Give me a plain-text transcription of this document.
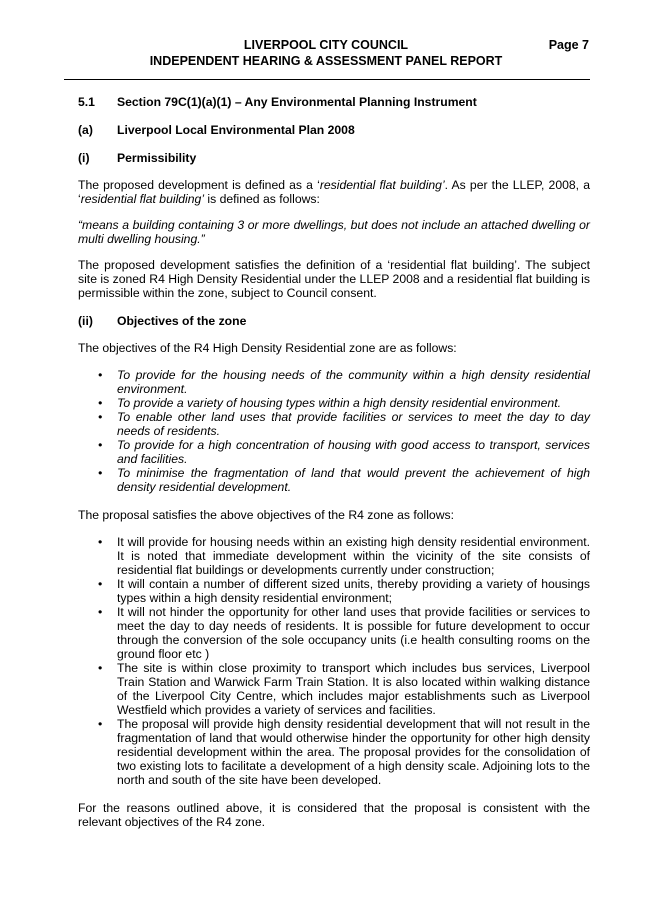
LIVERPOOL CITY COUNCIL
INDEPENDENT HEARING & ASSESSMENT PANEL REPORT
Page 7
5.1	Section 79C(1)(a)(1) – Any Environmental Planning Instrument
(a)	Liverpool Local Environmental Plan 2008
(i)	Permissibility

The proposed development is defined as a ‘residential flat building’. As per the LLEP, 2008, a ‘residential flat building’ is defined as follows:

“means a building containing 3 or more dwellings, but does not include an attached dwelling or multi dwelling housing.”

The proposed development satisfies the definition of a ‘residential flat building’. The subject site is zoned R4 High Density Residential under the LLEP 2008 and a residential flat building is permissible within the zone, subject to Council consent.

(ii)	Objectives of the zone

The objectives of the R4 High Density Residential zone are as follows:

• To provide for the housing needs of the community within a high density residential environment.
• To provide a variety of housing types within a high density residential environment.
• To enable other land uses that provide facilities or services to meet the day to day needs of residents.
• To provide for a high concentration of housing with good access to transport, services and facilities.
• To minimise the fragmentation of land that would prevent the achievement of high density residential development.

The proposal satisfies the above objectives of the R4 zone as follows:

• It will provide for housing needs within an existing high density residential environment. It is noted that immediate development within the vicinity of the site consists of residential flat buildings or developments currently under construction;
• It will contain a number of different sized units, thereby providing a variety of housings types within a high density residential environment;
• It will not hinder the opportunity for other land uses that provide facilities or services to meet the day to day needs of residents. It is possible for future development to occur through the conversion of the sole occupancy units (i.e health consulting rooms on the ground floor etc )
• The site is within close proximity to transport which includes bus services, Liverpool Train Station and Warwick Farm Train Station. It is also located within walking distance of the Liverpool City Centre, which includes major establishments such as Liverpool Westfield which provides a variety of services and facilities.
• The proposal will provide high density residential development that will not result in the fragmentation of land that would otherwise hinder the opportunity for other high density residential development within the area. The proposal provides for the consolidation of two existing lots to facilitate a development of a high density scale. Adjoining lots to the north and south of the site have been developed.

For the reasons outlined above, it is considered that the proposal is consistent with the relevant objectives of the R4 zone.
